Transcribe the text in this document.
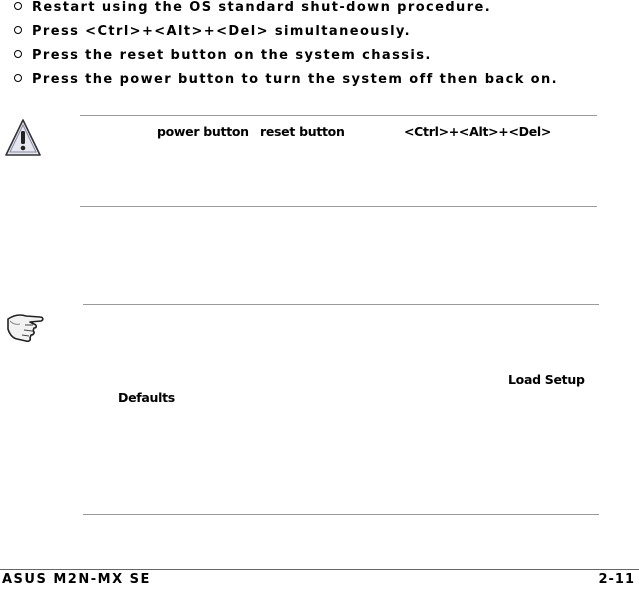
Restart using the OS standard shut-down procedure.
Press <Ctrl>+<Alt>+<Del> simultaneously.
Press the reset button on the system chassis.
Press the power button to turn the system off then back on.
power button reset button	<Ctrl>+<Alt>+<Del>
Load Setup
Defaults
ASUS M2N-MX SE	2-11
